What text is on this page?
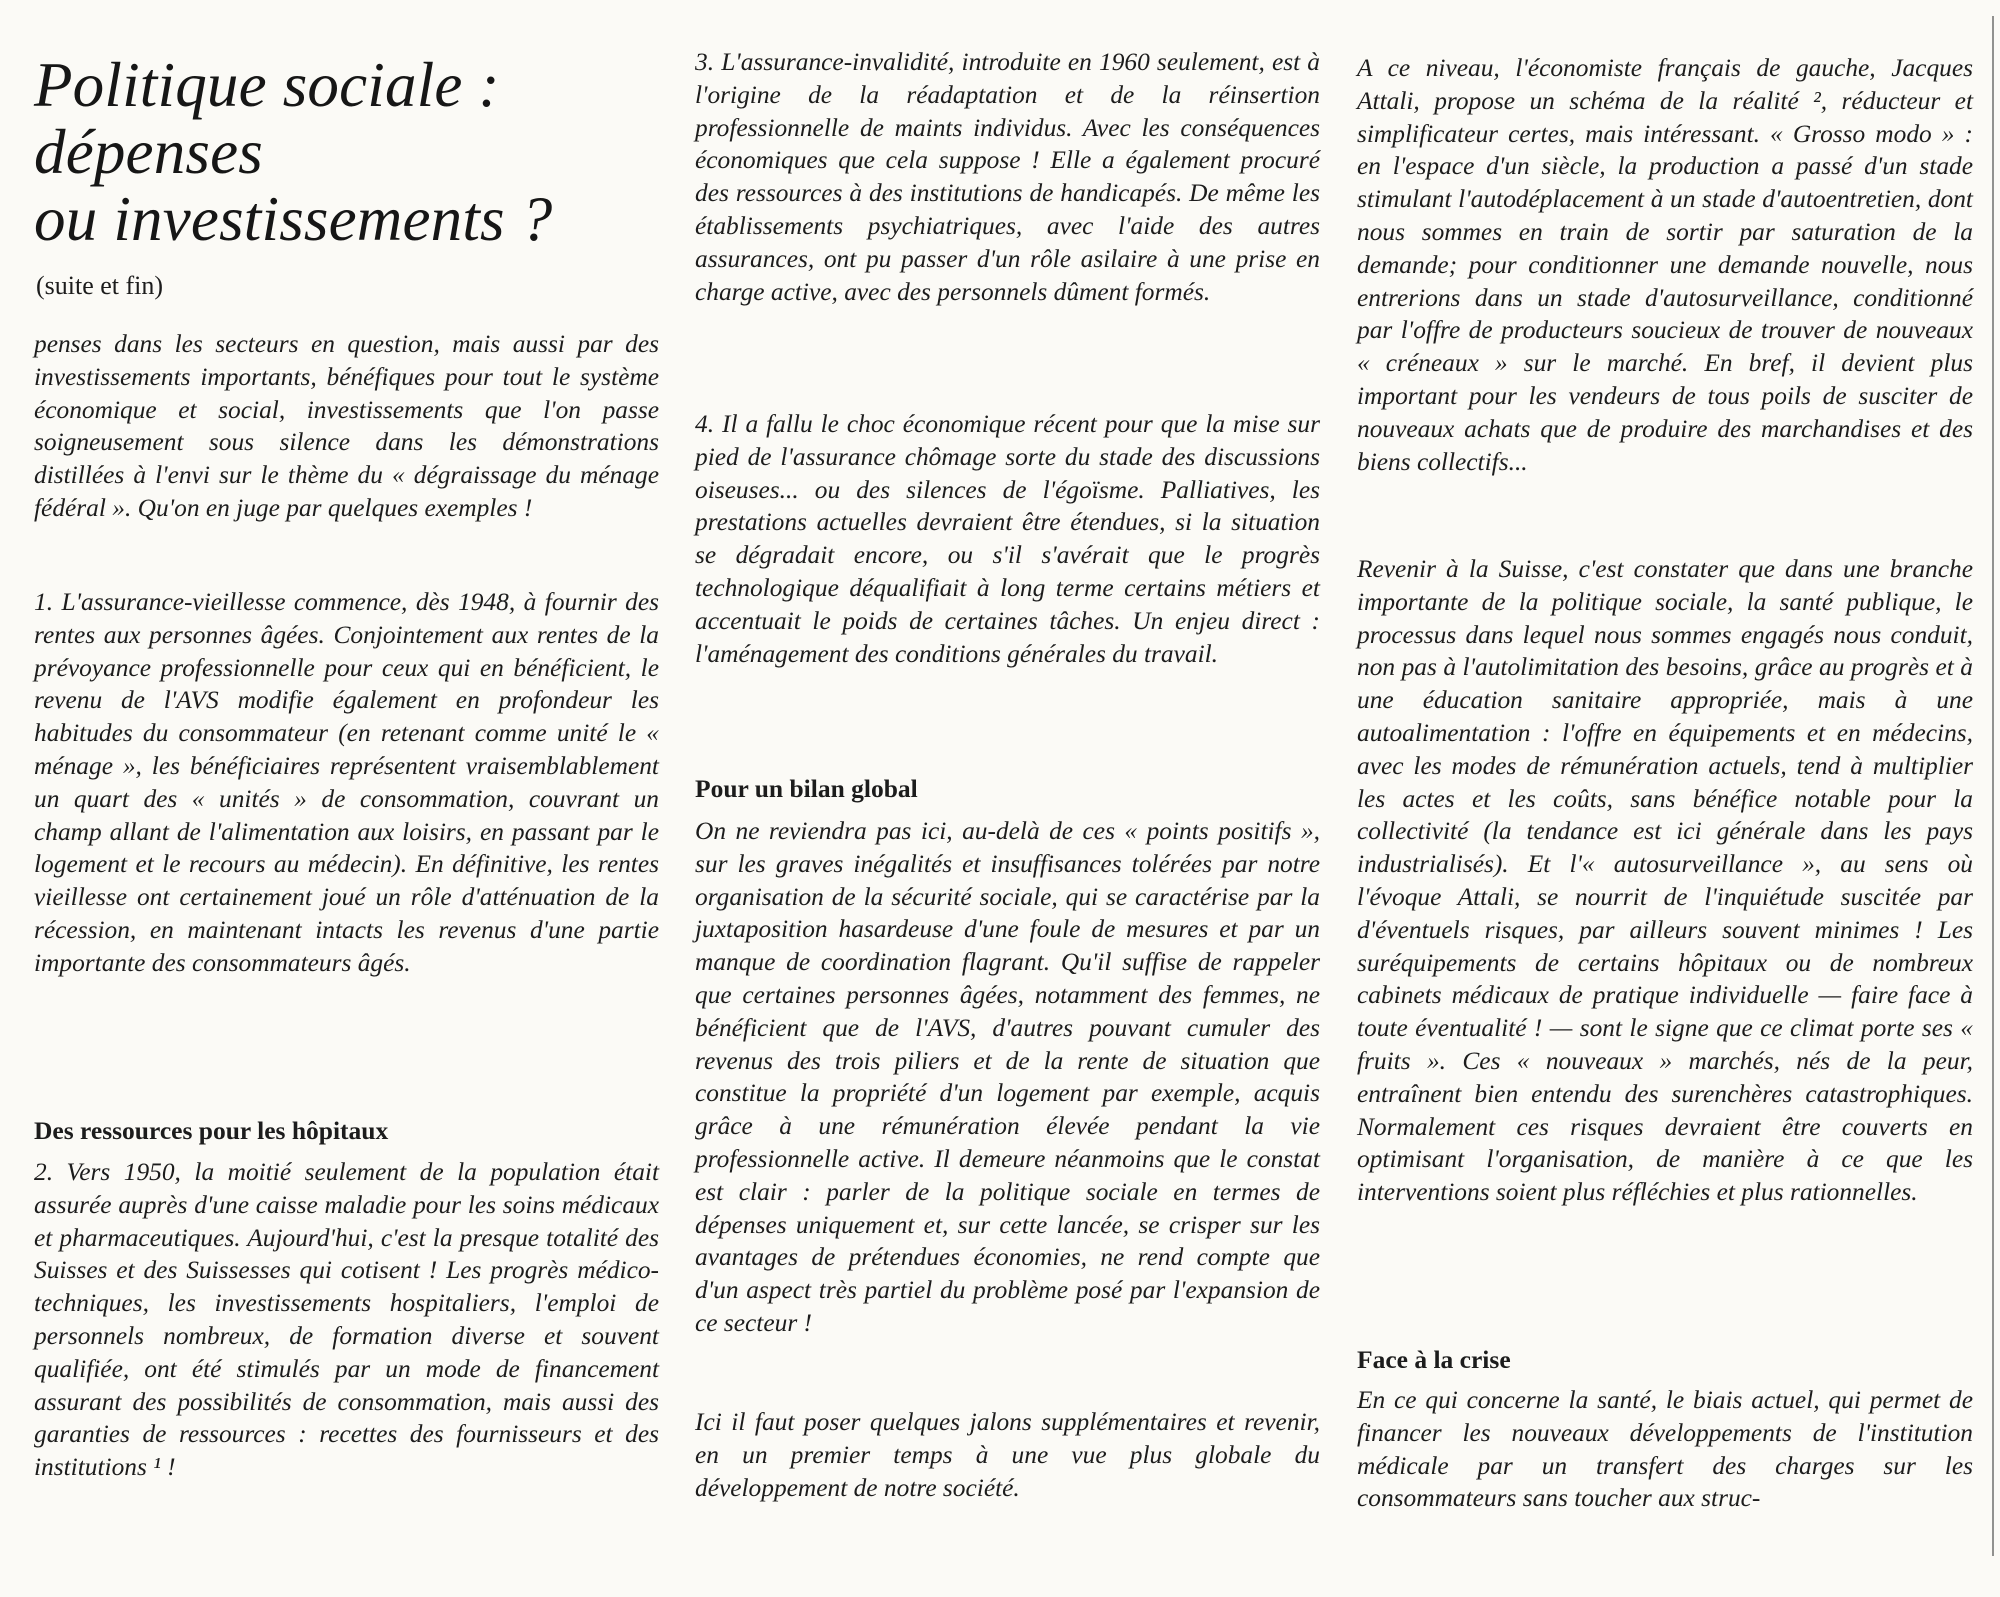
Politique sociale :
dépenses
ou investissements ?
(suite et fin)

penses dans les secteurs en question, mais aussi par des investissements importants, bénéfiques pour tout le système économique et social, investissements que l'on passe soigneusement sous silence dans les démonstrations distillées à l'envi sur le thème du « dégraissage du ménage fédéral ». Qu'on en juge par quelques exemples !

1. L'assurance-vieillesse commence, dès 1948, à fournir des rentes aux personnes âgées. Conjointement aux rentes de la prévoyance professionnelle pour ceux qui en bénéficient, le revenu de l'AVS modifie également en profondeur les habitudes du consommateur (en retenant comme unité le « ménage », les bénéficiaires représentent vraisemblablement un quart des « unités » de consommation, couvrant un champ allant de l'alimentation aux loisirs, en passant par le logement et le recours au médecin). En définitive, les rentes vieillesse ont certainement joué un rôle d'atténuation de la récession, en maintenant intacts les revenus d'une partie importante des consommateurs âgés.

Des ressources pour les hôpitaux

2. Vers 1950, la moitié seulement de la population était assurée auprès d'une caisse maladie pour les soins médicaux et pharmaceutiques. Aujourd'hui, c'est la presque totalité des Suisses et des Suissesses qui cotisent ! Les progrès médico-techniques, les investissements hospitaliers, l'emploi de personnels nombreux, de formation diverse et souvent qualifiée, ont été stimulés par un mode de financement assurant des possibilités de consommation, mais aussi des garanties de ressources : recettes des fournisseurs et des institutions ¹ !

3. L'assurance-invalidité, introduite en 1960 seulement, est à l'origine de la réadaptation et de la réinsertion professionnelle de maints individus. Avec les conséquences économiques que cela suppose ! Elle a également procuré des ressources à des institutions de handicapés. De même les établissements psychiatriques, avec l'aide des autres assurances, ont pu passer d'un rôle asilaire à une prise en charge active, avec des personnels dûment formés.

4. Il a fallu le choc économique récent pour que la mise sur pied de l'assurance chômage sorte du stade des discussions oiseuses... ou des silences de l'égoïsme. Palliatives, les prestations actuelles devraient être étendues, si la situation se dégradait encore, ou s'il s'avérait que le progrès technologique déqualifiait à long terme certains métiers et accentuait le poids de certaines tâches. Un enjeu direct : l'aménagement des conditions générales du travail.

Pour un bilan global

On ne reviendra pas ici, au-delà de ces « points positifs », sur les graves inégalités et insuffisances tolérées par notre organisation de la sécurité sociale, qui se caractérise par la juxtaposition hasardeuse d'une foule de mesures et par un manque de coordination flagrant. Qu'il suffise de rappeler que certaines personnes âgées, notamment des femmes, ne bénéficient que de l'AVS, d'autres pouvant cumuler des revenus des trois piliers et de la rente de situation que constitue la propriété d'un logement par exemple, acquis grâce à une rémunération élevée pendant la vie professionnelle active. Il demeure néanmoins que le constat est clair : parler de la politique sociale en termes de dépenses uniquement et, sur cette lancée, se crisper sur les avantages de prétendues économies, ne rend compte que d'un aspect très partiel du problème posé par l'expansion de ce secteur !

Ici il faut poser quelques jalons supplémentaires et revenir, en un premier temps à une vue plus globale du développement de notre société.

A ce niveau, l'économiste français de gauche, Jacques Attali, propose un schéma de la réalité ², réducteur et simplificateur certes, mais intéressant. « Grosso modo » : en l'espace d'un siècle, la production a passé d'un stade stimulant l'autodéplacement à un stade d'autoentretien, dont nous sommes en train de sortir par saturation de la demande; pour conditionner une demande nouvelle, nous entrerions dans un stade d'autosurveillance, conditionné par l'offre de producteurs soucieux de trouver de nouveaux « créneaux » sur le marché. En bref, il devient plus important pour les vendeurs de tous poils de susciter de nouveaux achats que de produire des marchandises et des biens collectifs...

Revenir à la Suisse, c'est constater que dans une branche importante de la politique sociale, la santé publique, le processus dans lequel nous sommes engagés nous conduit, non pas à l'autolimitation des besoins, grâce au progrès et à une éducation sanitaire appropriée, mais à une autoalimentation : l'offre en équipements et en médecins, avec les modes de rémunération actuels, tend à multiplier les actes et les coûts, sans bénéfice notable pour la collectivité (la tendance est ici générale dans les pays industrialisés). Et l'« autosurveillance », au sens où l'évoque Attali, se nourrit de l'inquiétude suscitée par d'éventuels risques, par ailleurs souvent minimes ! Les suréquipements de certains hôpitaux ou de nombreux cabinets médicaux de pratique individuelle — faire face à toute éventualité ! — sont le signe que ce climat porte ses « fruits ». Ces « nouveaux » marchés, nés de la peur, entraînent bien entendu des surenchères catastrophiques. Normalement ces risques devraient être couverts en optimisant l'organisation, de manière à ce que les interventions soient plus réfléchies et plus rationnelles.

Face à la crise

En ce qui concerne la santé, le biais actuel, qui permet de financer les nouveaux développements de l'institution médicale par un transfert des charges sur les consommateurs sans toucher aux struc-
